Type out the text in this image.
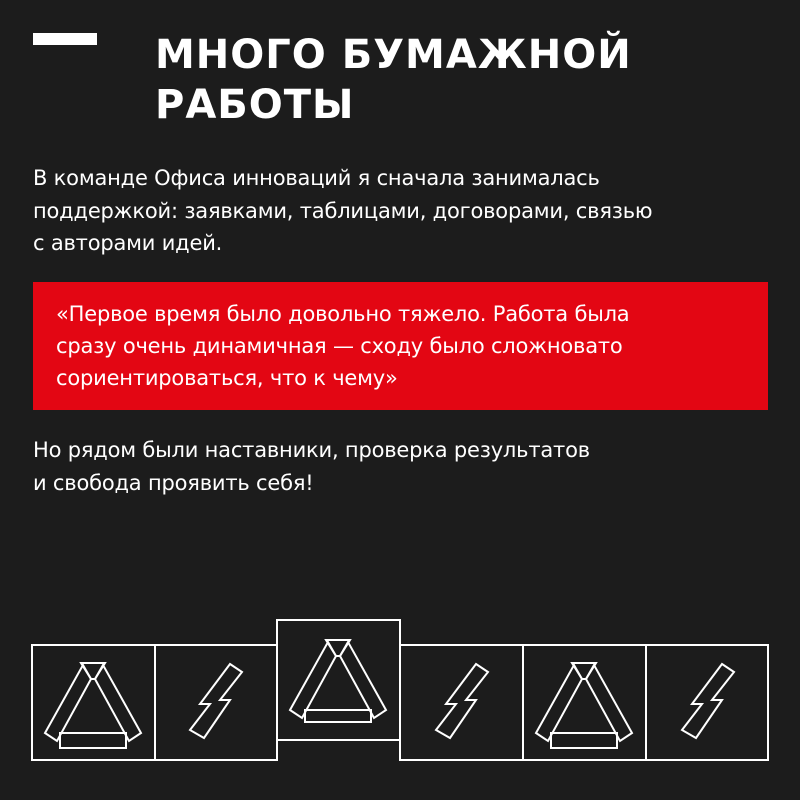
МНОГО БУМАЖНОЙ
РАБОТЫ

В команде Офиса инноваций я сначала занималась
поддержкой: заявками, таблицами, договорами, связью
с авторами идей.

«Первое время было довольно тяжело. Работа была
сразу очень динамичная — сходу было сложновато
сориентироваться, что к чему»

Но рядом были наставники, проверка результатов
и свобода проявить себя!
